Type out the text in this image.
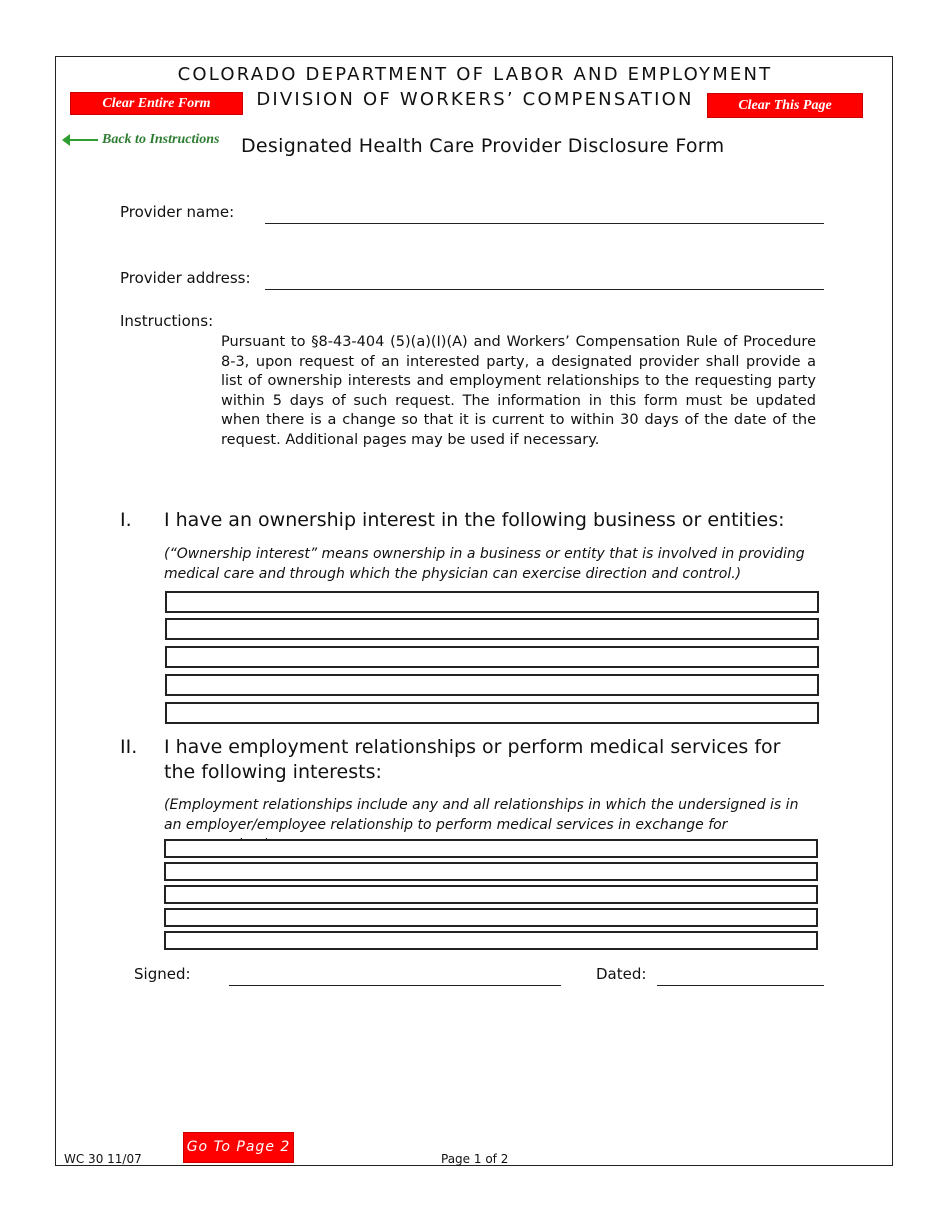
COLORADO DEPARTMENT OF LABOR AND EMPLOYMENT
DIVISION OF WORKERS’ COMPENSATION
Clear Entire Form	Clear This Page
Back to Instructions Designated Health Care Provider Disclosure Form
Provider name:
Provider address:
Instructions:
Pursuant to §8-43-404 (5)(a)(I)(A) and Workers’ Compensation Rule of Procedure 8-3, upon request of an interested party, a designated provider shall provide a list of ownership interests and employment relationships to the requesting party within 5 days of such request. The information in this form must be updated when there is a change so that it is current to within 30 days of the date of the request. Additional pages may be used if necessary.
I. I have an ownership interest in the following business or entities:
(“Ownership interest” means ownership in a business or entity that is involved in providing medical care and through which the physician can exercise direction and control.)
II. I have employment relationships or perform medical services for the following interests:
(Employment relationships include any and all relationships in which the undersigned is in an employer/employee relationship to perform medical services in exchange for
Signed:	Dated:
WC 30 11/07
Go To Page 2
Page 1 of 2
